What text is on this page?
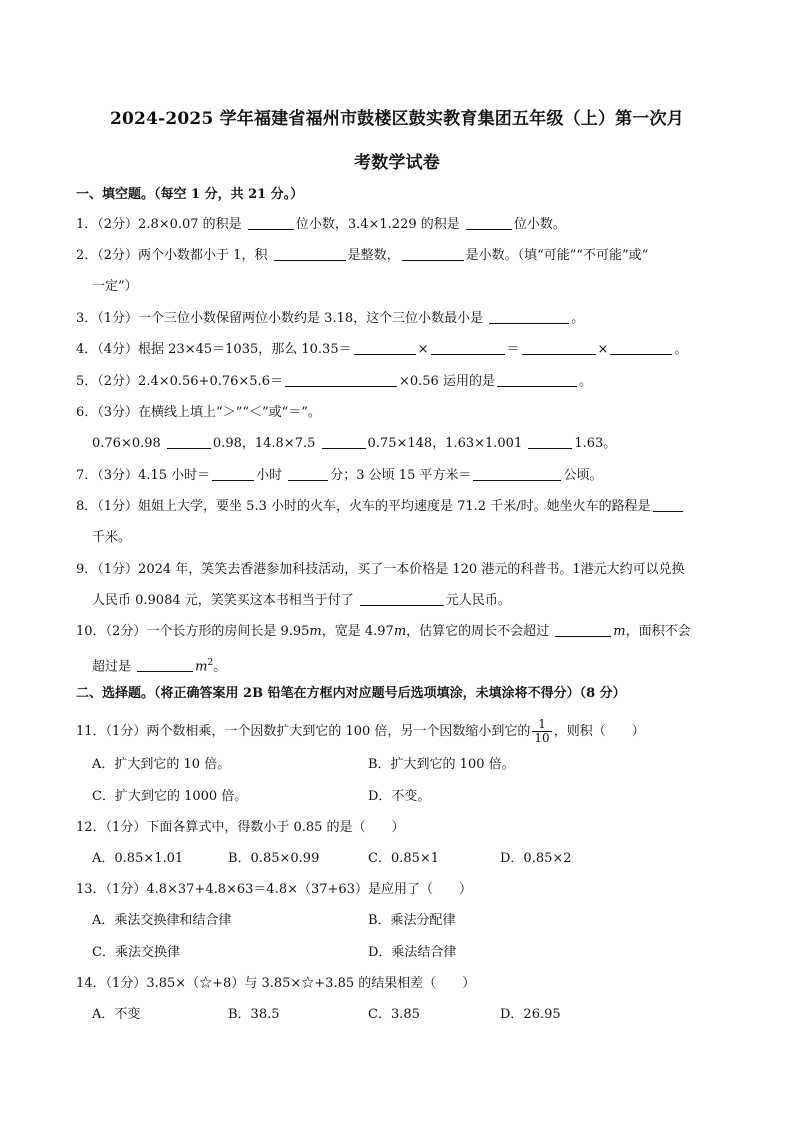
2024-2025 学年福建省福州市鼓楼区鼓实教育集团五年级（上）第一次月
考数学试卷
一、填空题。（每空 1 分，共 21 分。）
1．（2分）2.8×0.07 的积是	位小数，3.4×1.229 的积是	位小数。
2．（2分）两个小数都小于 1，积	是整数，	是小数。（填“可能”“不可能”或“
一定”）
3．（1分）一个三位小数保留两位小数约是 3.18，这个三位小数最小是	。
4．（4分）根据 23×45＝1035，那么 10.35＝	×	＝	×	。
5．（2分）2.4×0.56+0.76×5.6＝	×0.56 运用的是	。
6．（3分）在横线上填上“＞”“＜”或“＝”。
0.76×0.98	0.98，14.8×7.5	0.75×148，1.63×1.001	1.63。
7．（3分）4.15 小时＝	小时	分；3 公顷 15 平方米＝	公顷。
8．（1分）姐姐上大学，要坐 5.3 小时的火车，火车的平均速度是 71.2 千米/时。她坐火车的路程是
千米。
9．（1分）2024 年，笑笑去香港参加科技活动，买了一本价格是 120 港元的科普书。1港元大约可以兑换
人民币 0.9084 元，笑笑买这本书相当于付了	元人民币。
10．（2分）一个长方形的房间长是 9.95m，宽是 4.97m，估算它的周长不会超过	m，面积不会
超过是	$m^2$。
二、选择题。（将正确答案用 2B 铅笔在方框内对应题号后选项填涂，未填涂将不得分）（8 分）
11．（1分）两个数相乘，一个因数扩大到它的 100 倍，另一个因数缩小到它的 $\frac{1}{10}$ ，则积（　　）
A．扩大到它的 10 倍。	B．扩大到它的 100 倍。
C．扩大到它的 1000 倍。	D．不变。
12．（1分）下面各算式中，得数小于 0.85 的是（　　）
A．0.85×1.01	B．0.85×0.99	C．0.85×1	D．0.85×2
13．（1分）4.8×37+4.8×63＝4.8×（37+63）是应用了（　　）
A．乘法交换律和结合律	B．乘法分配律
C．乘法交换律	D．乘法结合律
14．（1分）3.85×（☆+8）与 3.85×☆+3.85 的结果相差（　　）
A．不变	B．38.5	C．3.85	D．26.95
